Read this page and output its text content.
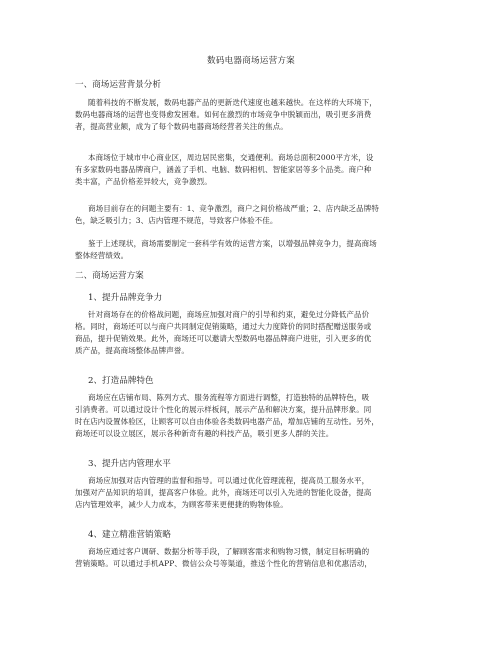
数码电器商场运营方案
一、商场运营背景分析

随着科技的不断发展，数码电器产品的更新迭代速度也越来越快。在这样的大环境下，
数码电器商场的运营也变得愈发困难。如何在激烈的市场竞争中脱颖而出，吸引更多消费
者，提高营业额，成为了每个数码电器商场经营者关注的焦点。

本商场位于城市中心商业区，周边居民密集，交通便利。商场总面积2000平方米，设
有多家数码电器品牌商户，涵盖了手机、电脑、数码相机、智能家居等多个品类。商户种
类丰富，产品价格差异较大，竞争激烈。

商场目前存在的问题主要有：1、竞争激烈，商户之间价格战严重；2、店内缺乏品牌特
色，缺乏吸引力；3、店内管理不规范，导致客户体验不佳。

鉴于上述现状，商场需要制定一套科学有效的运营方案，以增强品牌竞争力，提高商场
整体经营绩效。

二、商场运营方案
1、提升品牌竞争力

针对商场存在的价格战问题，商场应加强对商户的引导和约束，避免过分降低产品价
格。同时，商场还可以与商户共同制定促销策略，通过大力度降价的同时搭配赠送服务或
商品，提升促销效果。此外，商场还可以邀请大型数码电器品牌商户进驻，引入更多的优
质产品，提高商场整体品牌声誉。

2、打造品牌特色

商场应在店铺布局、陈列方式、服务流程等方面进行调整，打造独特的品牌特色，吸
引消费者。可以通过设计个性化的展示样板间，展示产品和解决方案，提升品牌形象。同
时在店内设置体验区，让顾客可以自由体验各类数码电器产品，增加店铺的互动性。另外，
商场还可以设立展区，展示各种新奇有趣的科技产品，吸引更多人群的关注。

3、提升店内管理水平

商场应加强对店内管理的监督和指导。可以通过优化管理流程，提高员工服务水平，
加强对产品知识的培训，提高客户体验。此外，商场还可以引入先进的智能化设备，提高
店内管理效率，减少人力成本，为顾客带来更便捷的购物体验。

4、建立精准营销策略

商场应通过客户调研、数据分析等手段，了解顾客需求和购物习惯，制定目标明确的
营销策略。可以通过手机APP、微信公众号等渠道，推送个性化的营销信息和优惠活动，
